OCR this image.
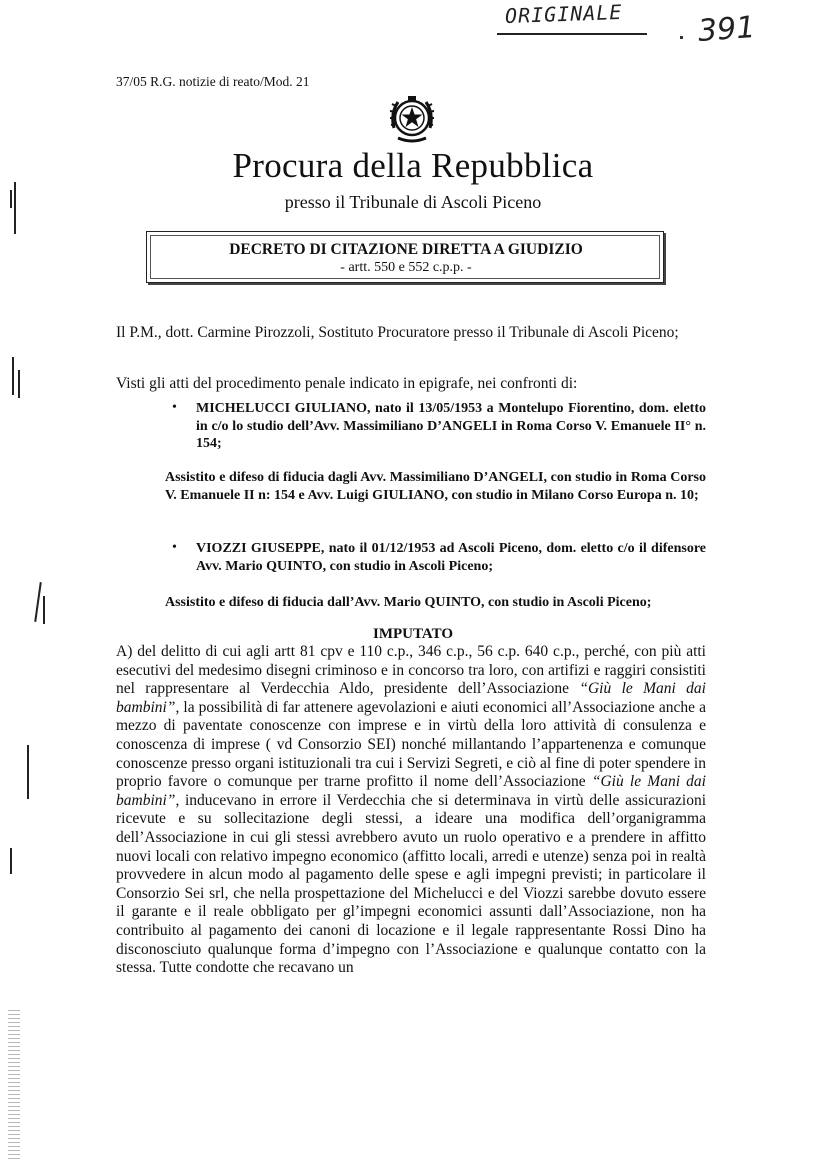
ORIGINALE 391
37/05 R.G. notizie di reato/Mod. 21
Procura della Repubblica
presso il Tribunale di Ascoli Piceno
DECRETO DI CITAZIONE DIRETTA A GIUDIZIO
- artt. 550 e 552 c.p.p. -
Il P.M., dott. Carmine Pirozzoli, Sostituto Procuratore presso il Tribunale di Ascoli Piceno;
Visti gli atti del procedimento penale indicato in epigrafe, nei confronti di:
• MICHELUCCI GIULIANO, nato il 13/05/1953 a Montelupo Fiorentino, dom. eletto in c/o lo studio dell’Avv. Massimiliano D’ANGELI in Roma Corso V. Emanuele II° n. 154;
Assistito e difeso di fiducia dagli Avv. Massimiliano D’ANGELI, con studio in Roma Corso V. Emanuele II n: 154 e Avv. Luigi GIULIANO, con studio in Milano Corso Europa n. 10;
• VIOZZI GIUSEPPE, nato il 01/12/1953 ad Ascoli Piceno, dom. eletto c/o il difensore Avv. Mario QUINTO, con studio in Ascoli Piceno;
Assistito e difeso di fiducia dall’Avv. Mario QUINTO, con studio in Ascoli Piceno;
IMPUTATO
A) del delitto di cui agli artt 81 cpv e 110 c.p., 346 c.p., 56 c.p. 640 c.p., perché, con più atti esecutivi del medesimo disegni criminoso e in concorso tra loro, con artifizi e raggiri consistiti nel rappresentare al Verdecchia Aldo, presidente dell’Associazione “Giù le Mani dai bambini”, la possibilità di far attenere agevolazioni e aiuti economici all’Associazione anche a mezzo di paventate conoscenze con imprese e in virtù della loro attività di consulenza e conoscenza di imprese ( vd Consorzio SEI) nonché millantando l’appartenenza e comunque conoscenze presso organi istituzionali tra cui i Servizi Segreti, e ciò al fine di poter spendere in proprio favore o comunque per trarne profitto il nome dell’Associazione “Giù le Mani dai bambini”, inducevano in errore il Verdecchia che si determinava in virtù delle assicurazioni ricevute e su sollecitazione degli stessi, a ideare una modifica dell’organigramma dell’Associazione in cui gli stessi avrebbero avuto un ruolo operativo e a prendere in affitto nuovi locali con relativo impegno economico (affitto locali, arredi e utenze) senza poi in realtà provvedere in alcun modo al pagamento delle spese e agli impegni previsti; in particolare il Consorzio Sei srl, che nella prospettazione del Michelucci e del Viozzi sarebbe dovuto essere il garante e il reale obbligato per gl’impegni economici assunti dall’Associazione, non ha contribuito al pagamento dei canoni di locazione e il legale rappresentante Rossi Dino ha disconosciuto qualunque forma d’impegno con l’Associazione e qualunque contatto con la stessa. Tutte condotte che recavano un
